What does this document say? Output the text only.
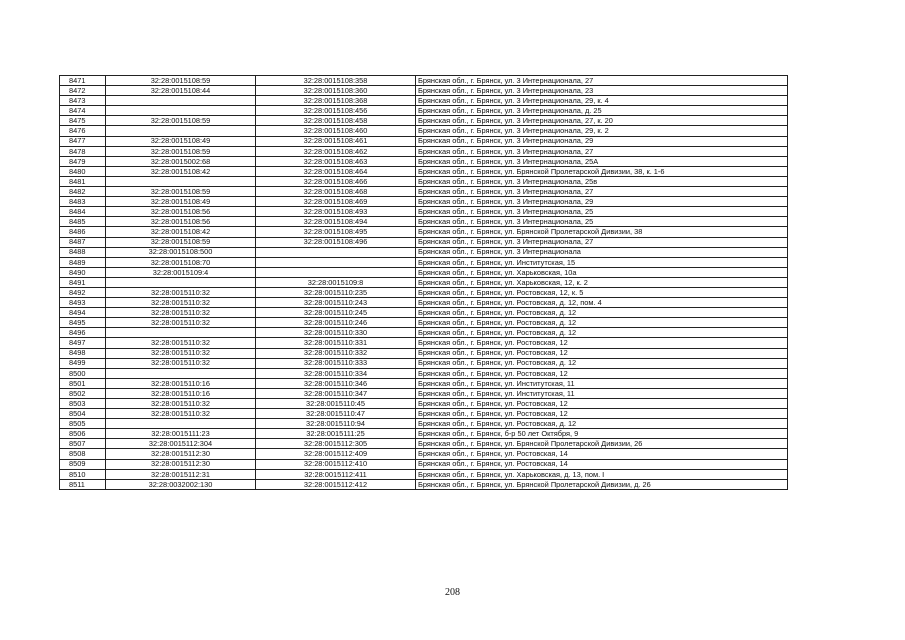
8471	32:28:0015108:59	32:28:0015108:358	Брянская обл., г. Брянск, ул. 3 Интернационала, 27
8472	32:28:0015108:44	32:28:0015108:360	Брянская обл., г. Брянск, ул. 3 Интернационала, 23
8473		32:28:0015108:368	Брянская обл., г. Брянск, ул. 3 Интернационала, 29, к. 4
8474		32:28:0015108:456	Брянская обл., г. Брянск, ул. 3 Интернационала, д. 25
8475	32:28:0015108:59	32:28:0015108:458	Брянская обл., г. Брянск, ул. 3 Интернационала, 27, к. 20
8476		32:28:0015108:460	Брянская обл., г. Брянск, ул. 3 Интернационала, 29, к. 2
8477	32:28:0015108:49	32:28:0015108:461	Брянская обл., г. Брянск, ул. 3 Интернационала, 29
8478	32:28:0015108:59	32:28:0015108:462	Брянская обл., г. Брянск, ул. 3 Интернационала, 27
8479	32:28:0015002:68	32:28:0015108:463	Брянская обл., г. Брянск, ул. 3 Интернационала, 25А
8480	32:28:0015108:42	32:28:0015108:464	Брянская обл., г. Брянск, ул. Брянской Пролетарской Дивизии, 38, к. 1-6
8481		32:28:0015108:466	Брянская обл., г. Брянск, ул. 3 Интернационала, 25в
8482	32:28:0015108:59	32:28:0015108:468	Брянская обл., г. Брянск, ул. 3 Интернационала, 27
8483	32:28:0015108:49	32:28:0015108:469	Брянская обл., г. Брянск, ул. 3 Интернационала, 29
8484	32:28:0015108:56	32:28:0015108:493	Брянская обл., г. Брянск, ул. 3 Интернационала, 25
8485	32:28:0015108:56	32:28:0015108:494	Брянская обл., г. Брянск, ул. 3 Интернационала, 25
8486	32:28:0015108:42	32:28:0015108:495	Брянская обл., г. Брянск, ул. Брянской Пролетарской Дивизии, 38
8487	32:28:0015108:59	32:28:0015108:496	Брянская обл., г. Брянск, ул. 3 Интернационала, 27
8488	32:28:0015108:500		Брянская обл., г. Брянск, ул. 3 Интернационала
8489	32:28:0015108:70		Брянская обл., г. Брянск, ул. Институтская, 15
8490	32:28:0015109:4		Брянская обл., г. Брянск, ул. Харьковская, 10а
8491		32:28:0015109:8	Брянская обл., г. Брянск, ул. Харьковская, 12, к. 2
8492	32:28:0015110:32	32:28:0015110:235	Брянская обл., г. Брянск, ул. Ростовская, 12, к. 5
8493	32:28:0015110:32	32:28:0015110:243	Брянская обл., г. Брянск, ул. Ростовская, д. 12, пом. 4
8494	32:28:0015110:32	32:28:0015110:245	Брянская обл., г. Брянск, ул. Ростовская, д. 12
8495	32:28:0015110:32	32:28:0015110:246	Брянская обл., г. Брянск, ул. Ростовская, д. 12
8496		32:28:0015110:330	Брянская обл., г. Брянск, ул. Ростовская, д. 12
8497	32:28:0015110:32	32:28:0015110:331	Брянская обл., г. Брянск, ул. Ростовская, 12
8498	32:28:0015110:32	32:28:0015110:332	Брянская обл., г. Брянск, ул. Ростовская, 12
8499	32:28:0015110:32	32:28:0015110:333	Брянская обл., г. Брянск, ул. Ростовская, д. 12
8500		32:28:0015110:334	Брянская обл., г. Брянск, ул. Ростовская, 12
8501	32:28:0015110:16	32:28:0015110:346	Брянская обл., г. Брянск, ул. Институтская, 11
8502	32:28:0015110:16	32:28:0015110:347	Брянская обл., г. Брянск, ул. Институтская, 11
8503	32:28:0015110:32	32:28:0015110:45	Брянская обл., г. Брянск, ул. Ростовская, 12
8504	32:28:0015110:32	32:28:0015110:47	Брянская обл., г. Брянск, ул. Ростовская, 12
8505		32:28:0015110:94	Брянская обл., г. Брянск, ул. Ростовская, д. 12
8506	32:28:0015111:23	32:28:0015111:25	Брянская обл., г. Брянск, б-р 50 лет Октября, 9
8507	32:28:0015112:304	32:28:0015112:305	Брянская обл., г. Брянск, ул. Брянской Пролетарской Дивизии, 26
8508	32:28:0015112:30	32:28:0015112:409	Брянская обл., г. Брянск, ул. Ростовская, 14
8509	32:28:0015112:30	32:28:0015112:410	Брянская обл., г. Брянск, ул. Ростовская, 14
8510	32:28:0015112:31	32:28:0015112:411	Брянская обл., г. Брянск, ул. Харьковская, д. 13, пом. I
8511	32:28:0032002:130	32:28:0015112:412	Брянская обл., г. Брянск, ул. Брянской Пролетарской Дивизии, д. 26
208
